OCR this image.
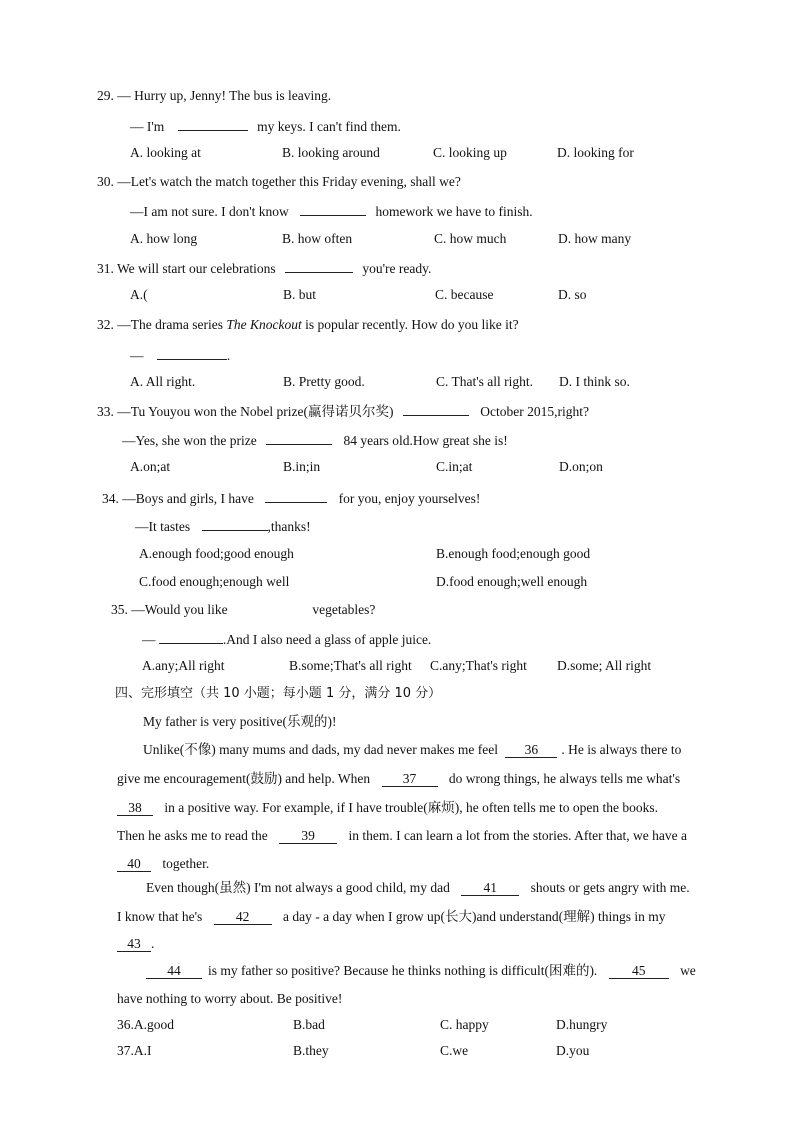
29. — Hurry up, Jenny! The bus is leaving.
— I'm	my keys. I can't find them.
A. looking at	B. looking around	C. looking up	D. looking for
30. —Let's watch the match together this Friday evening, shall we?
—I am not sure. I don't know	homework we have to finish.
A. how long	B. how often	C. how much	D. how many
31. We will start our celebrations	you're ready.
A.(	B. but	C. because	D. so
32. —The drama series The Knockout is popular recently. How do you like it?
—	.
A. All right.	B. Pretty good.	C. That's all right. D. I think so.
33. —Tu Youyou won the Nobel prize(赢得诺贝尔奖)	October 2015,right?
—Yes, she won the prize	84 years old.How great she is!
A.on;at	B.in;in	C.in;at	D.on;on
34. —Boys and girls, I have	for you, enjoy yourselves!
—It tastes	,thanks!
A.enough food;good enough	B.enough food;enough good
C.food enough;enough well	D.food enough;well enough
35. —Would you like	vegetables?
—	.And I also need a glass of apple juice.
A.any;All right	B.some;That's all right C.any;That's right D.some; All right
四、完形填空（共 10 小题；每小题 1 分，满分 10 分）
My father is very positive(乐观的)!
Unlike(不像) many mums and dads, my dad never makes me feel 36 . He is always there to
give me encouragement(鼓励) and help. When 37 do wrong things, he always tells me what's
38 in a positive way. For example, if I have trouble(麻烦), he often tells me to open the books.
Then he asks me to read the 39 in them. I can learn a lot from the stories. After that, we have a
40 together.
Even though(虽然) I'm not always a good child, my dad 41 shouts or gets angry with me.
I know that he's 42 a day - a day when I grow up(长大)and understand(理解) things in my
43 .
44 is my father so positive? Because he thinks nothing is difficult(困难的).	45	we
have nothing to worry about. Be positive!
36.A.good	B.bad	C. happy	D.hungry
37.A.I	B.they	C.we	D.you
